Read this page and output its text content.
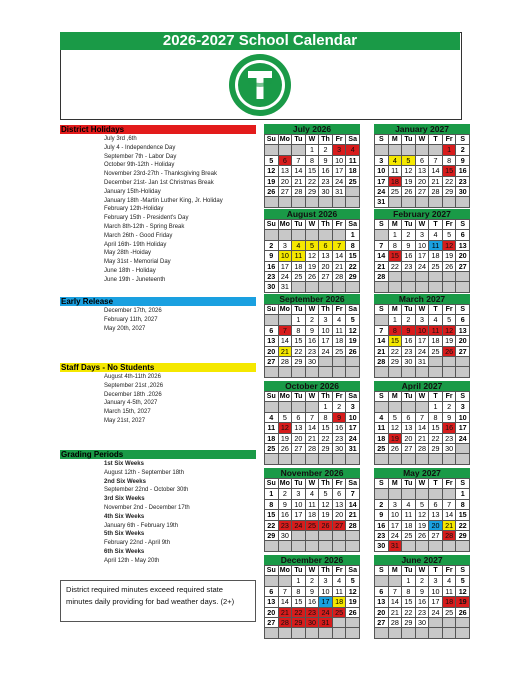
2026-2027 School Calendar
District Holidays
July 3rd ,6th
July 4 - Independence Day
September 7th - Labor Day
October 9th-12th - Holiday
November 23rd-27th - Thanksgiving Break
December 21st- Jan 1st Christmas Break
January 15th-Holiday
January 18th -Martin Luther King, Jr. Holiday
February 12th-Holiday
February 15th - President's Day
March 8th-12th - Spring Break
March 26th - Good Friday
April 16th- 19th Holiday
May 28th -Hoiday
May 31st - Memorial Day
June 18th - Holiday
June 19th - Juneteenth
Early Release
December 17th, 2026
February 11th, 2027
May 20th, 2027
Staff Days - No Students
August 4th-11th 2026
September 21st ,2026
December 18th .2026
January 4-5th, 2027
March 15th, 2027
May 21st, 2027
Grading Periods
1st Six Weeks
August 12th - September 18th
2nd Six Weeks
September 22nd - October 30th
3rd Six Weeks
November 2nd - December 17th
4th Six Weeks
January 6th - February 19th
5th Six Weeks
February 22nd - April 9th
6th Six Weeks
April 12th - May 20th
District required minutes exceed required state minutes daily providing for bad weather days. (2+)
July 2026
Su	Mo	Tu	W	Th	Fr	Sa
			1	2	3	4
5	6	7	8	9	10	11
12	13	14	15	16	17	18
19	20	21	22	23	24	25
26	27	28	29	30	31	

January 2027
S	M	Tu	W	T	Fr	S
					1	2
3	4	5	6	7	8	9
10	11	12	13	14	15	16
17	18	19	20	21	22	23
24	25	26	27	28	29	30
31						
August 2026
Su	Mo	Tu	W	Th	Fr	Sa
						1
2	3	4	5	6	7	8
9	10	11	12	13	14	15
16	17	18	19	20	21	22
23	24	25	26	27	28	29
30	31					
February 2027
S	M	Tu	W	T	Fr	S
	1	2	3	4	5	6
7	8	9	10	11	12	13
14	15	16	17	18	19	20
21	22	23	24	25	26	27
28						

September 2026
Su	Mo	Tu	W	Th	Fr	Sa
		1	2	3	4	5
6	7	8	9	10	11	12
13	14	15	16	17	18	19
20	21	22	23	24	25	26
27	28	29	30			

March 2027
S	M	Tu	W	T	Fr	S
	1	2	3	4	5	6
7	8	9	10	11	12	13
14	15	16	17	18	19	20
21	22	23	24	25	26	27
28	29	30	31			

October 2026
Su	Mo	Tu	W	Th	Fr	Sa
				1	2	3
4	5	6	7	8	9	10
11	12	13	14	15	16	17
18	19	20	21	22	23	24
25	26	27	28	29	30	31

April 2027
S	M	Tu	W	T	Fr	S
				1	2	3
4	5	6	7	8	9	10
11	12	13	14	15	16	17
18	19	20	21	22	23	24
25	26	27	28	29	30	

November 2026
Su	Mo	Tu	W	Th	Fr	Sa
1	2	3	4	5	6	7
8	9	10	11	12	13	14
15	16	17	18	19	20	21
22	23	24	25	26	27	28
29	30					

May 2027
S	M	Tu	W	T	Fr	S
						1
2	3	4	5	6	7	8
9	10	11	12	13	14	15
16	17	18	19	20	21	22
23	24	25	26	27	28	29
30	31					
December 2026
Su	Mo	Tu	W	Th	Fr	Sa
		1	2	3	4	5
6	7	8	9	10	11	12
13	14	15	16	17	18	19
20	21	22	23	24	25	26
27	28	29	30	31		

June 2027
S	M	Tu	W	T	Fr	S
		1	2	3	4	5
6	7	8	9	10	11	12
13	14	15	16	17	18	19
20	21	22	23	24	25	26
27	28	29	30			
